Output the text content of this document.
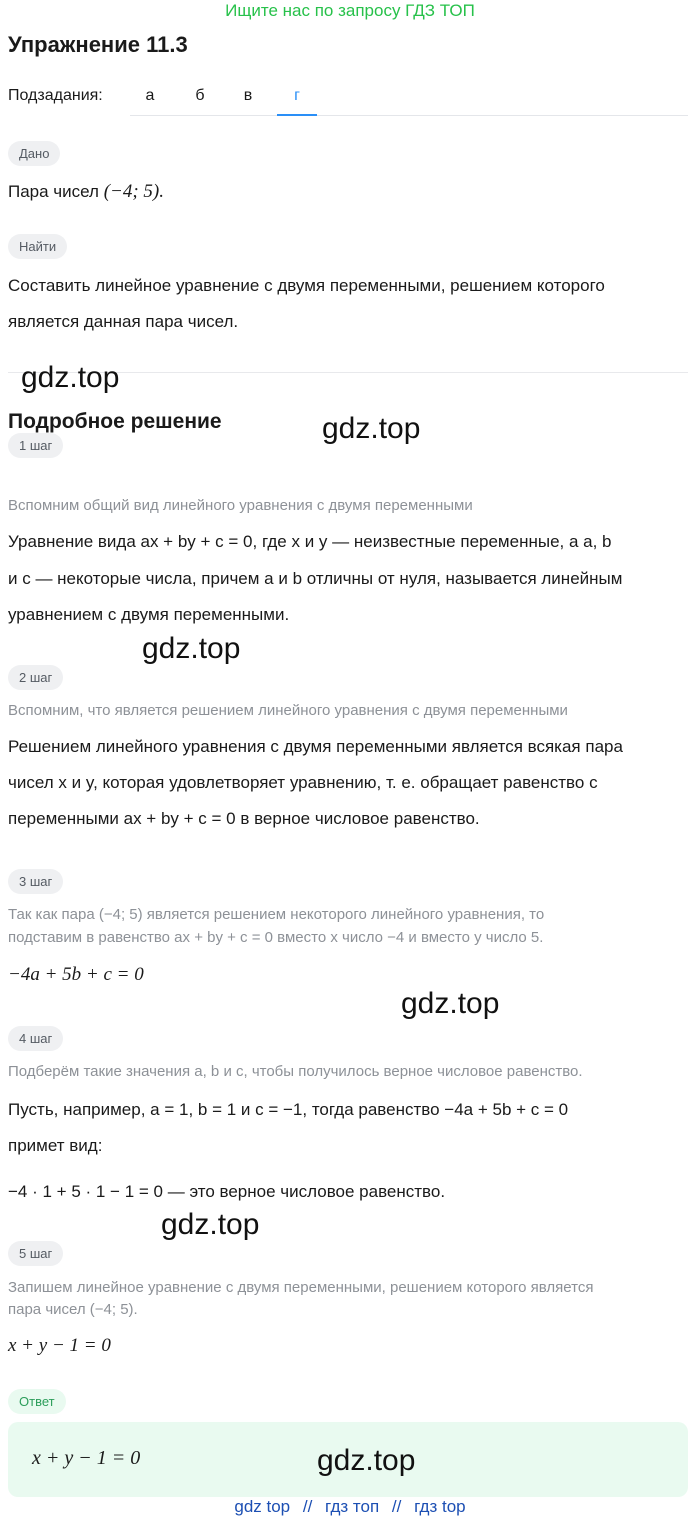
Ищите нас по запросу ГДЗ ТОП
Упражнение 11.3
Подзадания:	а	б	в	г
Дано
Пара чисел (−4; 5).
Найти
Составить линейное уравнение с двумя переменными, решением которого
является данная пара чисел.
Подробное решение
1 шаг
Вспомним общий вид линейного уравнения с двумя переменными
Уравнение вида ax + by + c = 0, где x и y — неизвестные переменные, а a, b
и c — некоторые числа, причем a и b отличны от нуля, называется линейным
уравнением с двумя переменными.
2 шаг
Вспомним, что является решением линейного уравнения с двумя переменными
Решением линейного уравнения с двумя переменными является всякая пара
чисел x и y, которая удовлетворяет уравнению, т. е. обращает равенство с
переменными ax + by + c = 0 в верное числовое равенство.
3 шаг
Так как пара (−4; 5) является решением некоторого линейного уравнения, то
подставим в равенство ax + by + c = 0 вместо x число −4 и вместо y число 5.
−4a + 5b + c = 0
4 шаг
Подберём такие значения a, b и c, чтобы получилось верное числовое равенство.
Пусть, например, a = 1, b = 1 и c = −1, тогда равенство −4a + 5b + c = 0
примет вид:
−4 · 1 + 5 · 1 − 1 = 0 — это верное числовое равенство.
5 шаг
Запишем линейное уравнение с двумя переменными, решением которого является
пара чисел (−4; 5).
x + y − 1 = 0
Ответ
x + y − 1 = 0
gdz.top
gdz.top
gdz.top
gdz.top
gdz.top
gdz.top
gdz top // гдз топ // гдз top
